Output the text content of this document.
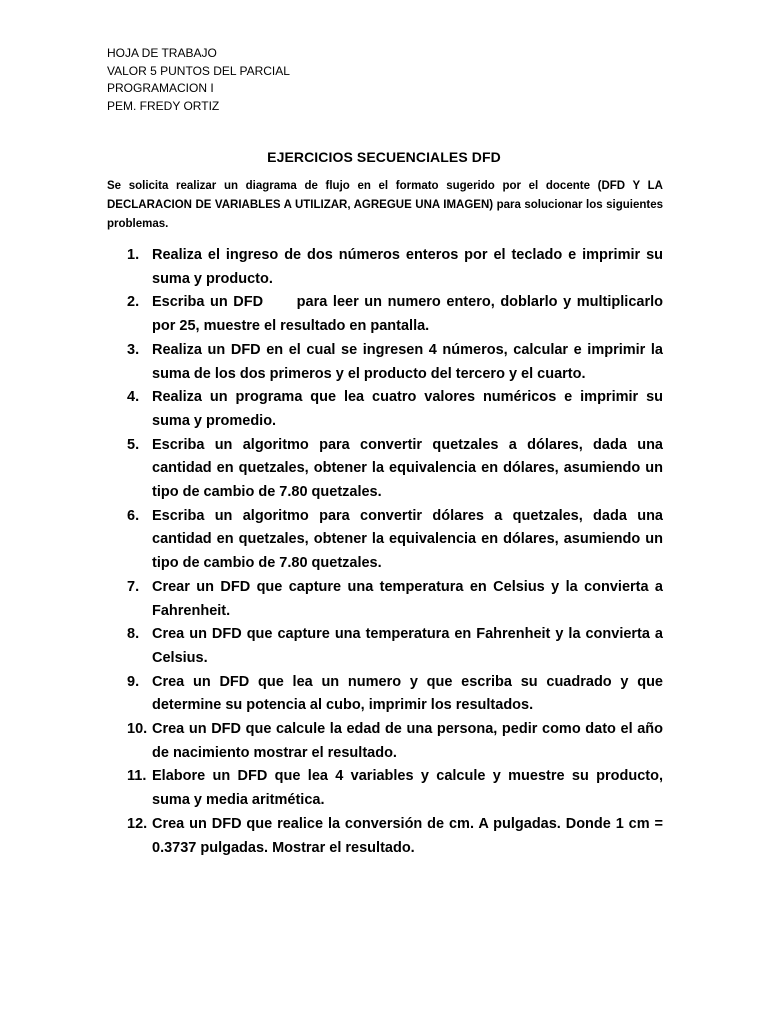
HOJA DE TRABAJO
VALOR 5 PUNTOS DEL PARCIAL
PROGRAMACION I
PEM. FREDY ORTIZ
EJERCICIOS SECUENCIALES DFD
Se solicita realizar un diagrama de flujo en el formato sugerido por el docente (DFD Y LA DECLARACION DE VARIABLES A UTILIZAR, AGREGUE UNA IMAGEN) para solucionar los siguientes problemas.
1. Realiza el ingreso de dos números enteros por el teclado e imprimir su suma y producto.
2. Escriba un DFD      para leer un numero entero, doblarlo y multiplicarlo por 25, muestre el resultado en pantalla.
3. Realiza un DFD en el cual se ingresen 4 números, calcular e imprimir la suma de los dos primeros y el producto del tercero y el cuarto.
4. Realiza un programa que lea cuatro valores numéricos e imprimir su suma y promedio.
5. Escriba un algoritmo para convertir quetzales a dólares, dada una cantidad en quetzales, obtener la equivalencia en dólares, asumiendo un tipo de cambio de 7.80 quetzales.
6. Escriba un algoritmo para convertir dólares a quetzales, dada una cantidad en quetzales, obtener la equivalencia en dólares, asumiendo un tipo de cambio de 7.80 quetzales.
7. Crear un DFD que capture una temperatura en Celsius y la convierta a Fahrenheit.
8. Crea un DFD que capture una temperatura en Fahrenheit y la convierta a Celsius.
9. Crea un DFD que lea un numero y que escriba su cuadrado y que determine su potencia al cubo, imprimir los resultados.
10. Crea un DFD que calcule la edad de una persona, pedir como dato el año de nacimiento mostrar el resultado.
11. Elabore un DFD que lea 4 variables y calcule y muestre su producto, suma y media aritmética.
12. Crea un DFD que realice la conversión de cm. A pulgadas. Donde 1 cm = 0.3737 pulgadas. Mostrar el resultado.
